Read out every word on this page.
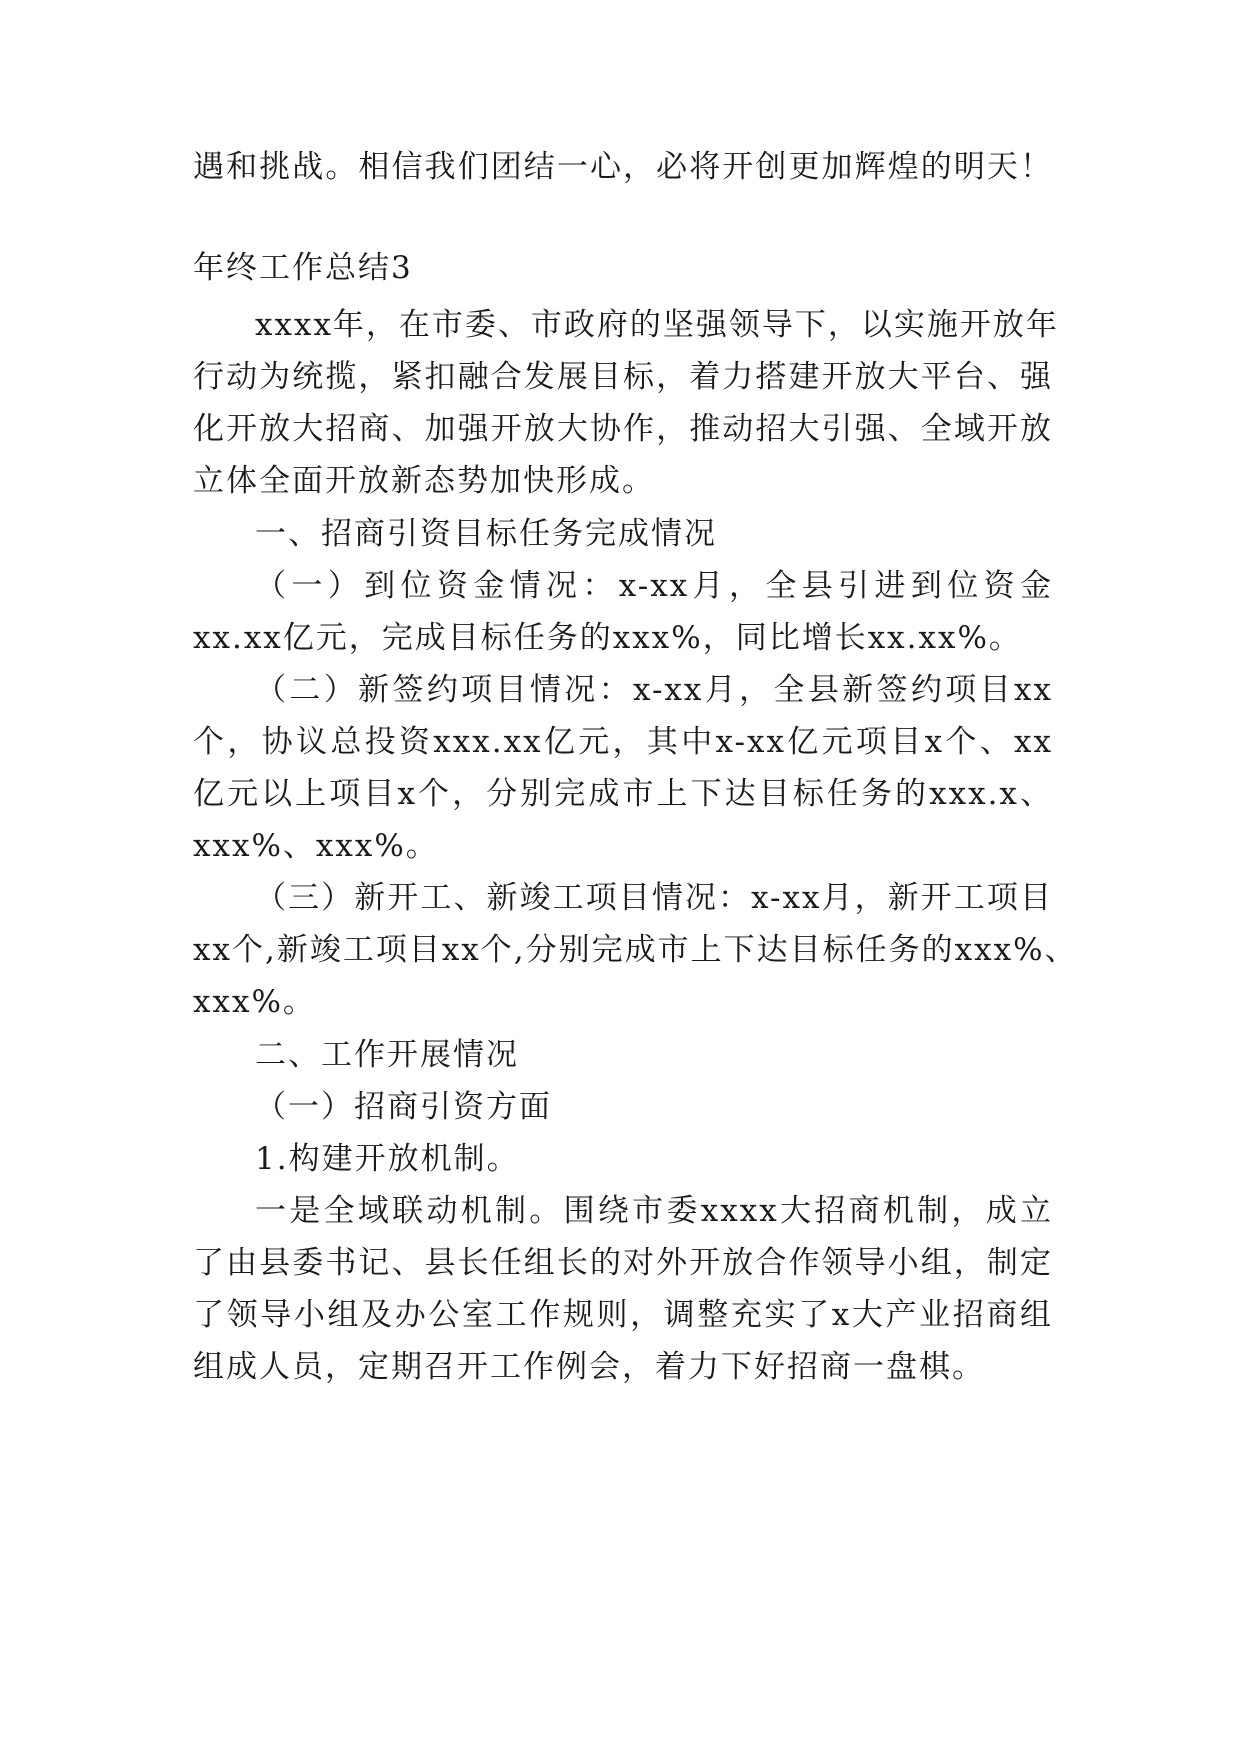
遇和挑战。相信我们团结一心，必将开创更加辉煌的明天！
年终工作总结3
xxxx年，在市委、市政府的坚强领导下，以实施开放年
行动为统揽，紧扣融合发展目标，着力搭建开放大平台、强
化开放大招商、加强开放大协作，推动招大引强、全域开放
立体全面开放新态势加快形成。
一、招商引资目标任务完成情况
（一）到位资金情况：x-xx月，全县引进到位资金
xx.xx亿元，完成目标任务的xxx%，同比增长xx.xx%。
（二）新签约项目情况：x-xx月，全县新签约项目xx
个，协议总投资xxx.xx亿元，其中x-xx亿元项目x个、xx
亿元以上项目x个，分别完成市上下达目标任务的xxx.x、
xxx%、xxx%。
（三）新开工、新竣工项目情况：x-xx月，新开工项目
xx个,新竣工项目xx个,分别完成市上下达目标任务的xxx%、
xxx%。
二、工作开展情况
（一）招商引资方面
1.构建开放机制。
一是全域联动机制。围绕市委xxxx大招商机制，成立
了由县委书记、县长任组长的对外开放合作领导小组，制定
了领导小组及办公室工作规则，调整充实了x大产业招商组
组成人员，定期召开工作例会，着力下好招商一盘棋。
